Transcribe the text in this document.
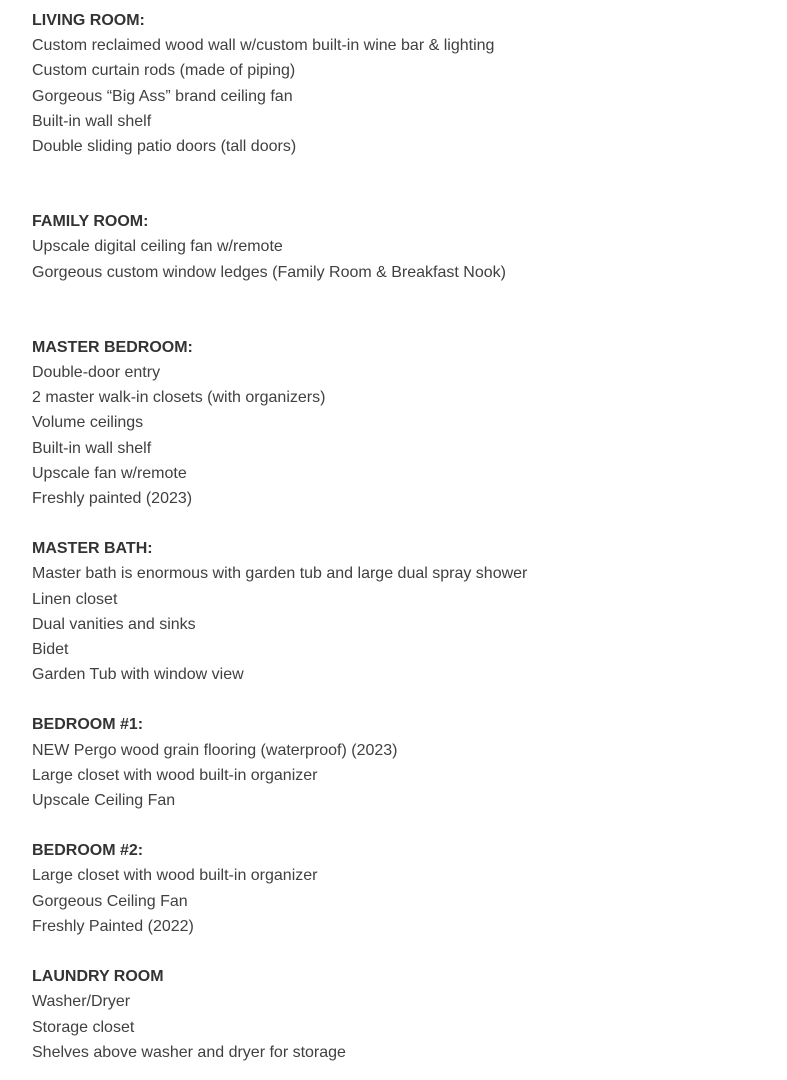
LIVING ROOM:

Custom reclaimed wood wall w/custom built-in wine bar & lighting

Custom curtain rods (made of piping)

Gorgeous “Big Ass” brand ceiling fan

Built-in wall shelf

Double sliding patio doors (tall doors)

FAMILY ROOM:

Upscale digital ceiling fan w/remote

Gorgeous custom window ledges (Family Room & Breakfast Nook)

MASTER BEDROOM:

Double-door entry

2 master walk-in closets (with organizers)

Volume ceilings

Built-in wall shelf

Upscale fan w/remote

Freshly painted (2023)

MASTER BATH:

Master bath is enormous with garden tub and large dual spray shower

Linen closet

Dual vanities and sinks

Bidet

Garden Tub with window view

BEDROOM #1:

NEW Pergo wood grain flooring (waterproof) (2023)

Large closet with wood built-in organizer

Upscale Ceiling Fan

BEDROOM #2:

Large closet with wood built-in organizer

Gorgeous Ceiling Fan

Freshly Painted (2022)

LAUNDRY ROOM

Washer/Dryer

Storage closet

Shelves above washer and dryer for storage
